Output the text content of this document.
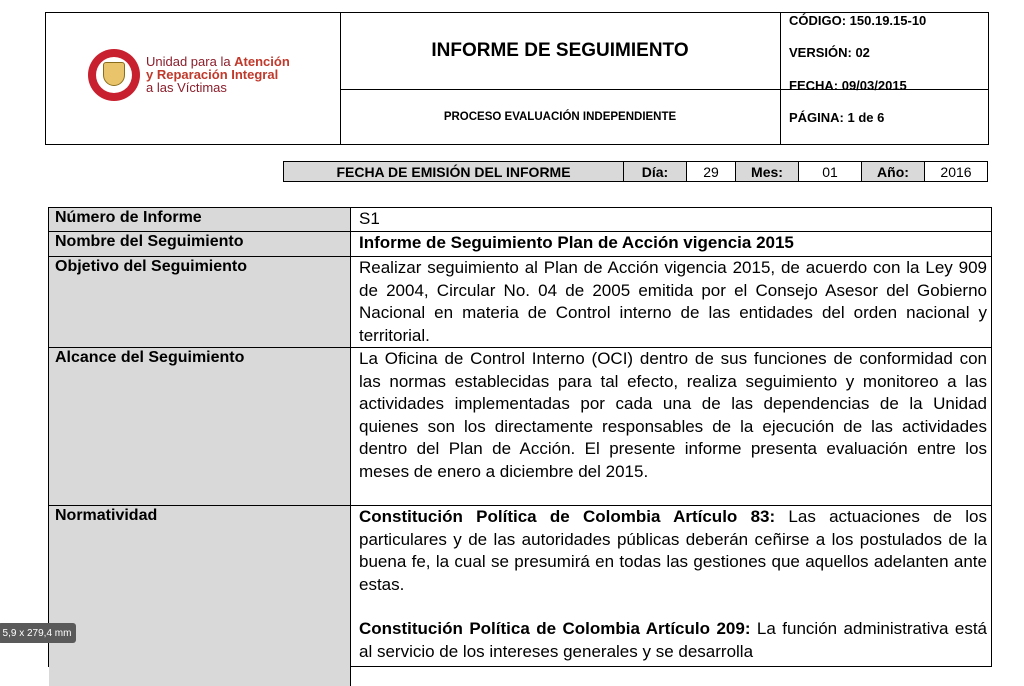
Unidad para la Atención
y Reparación Integral
a las Víctimas
INFORME DE SEGUIMIENTO
PROCESO EVALUACIÓN INDEPENDIENTE
CÓDIGO: 150.19.15-10
VERSIÓN: 02
FECHA: 09/03/2015
PÁGINA: 1 de 6
FECHA DE EMISIÓN DEL INFORME	Día:	29	Mes:	01	Año:	2016
Número de Informe	S1
Nombre del Seguimiento	Informe de Seguimiento Plan de Acción vigencia 2015
Objetivo del Seguimiento	Realizar seguimiento al Plan de Acción vigencia 2015, de acuerdo con la Ley 909 de 2004, Circular No. 04 de 2005 emitida por el Consejo Asesor del Gobierno Nacional en materia de Control interno de las entidades del orden nacional y territorial.
Alcance del Seguimiento	La Oficina de Control Interno (OCI) dentro de sus funciones de conformidad con las normas establecidas para tal efecto, realiza seguimiento y monitoreo a las actividades implementadas por cada una de las dependencias de la Unidad quienes son los directamente responsables de la ejecución de las actividades dentro del Plan de Acción. El presente informe presenta evaluación entre los meses de enero a diciembre del 2015.
Normatividad	Constitución Política de Colombia Artículo 83: Las actuaciones de los particulares y de las autoridades públicas deberán ceñirse a los postulados de la buena fe, la cual se presumirá en todas las gestiones que aquellos adelanten ante estas.
Constitución Política de Colombia Artículo 209: La función administrativa está al servicio de los intereses generales y se desarrolla
5,9 x 279,4 mm
